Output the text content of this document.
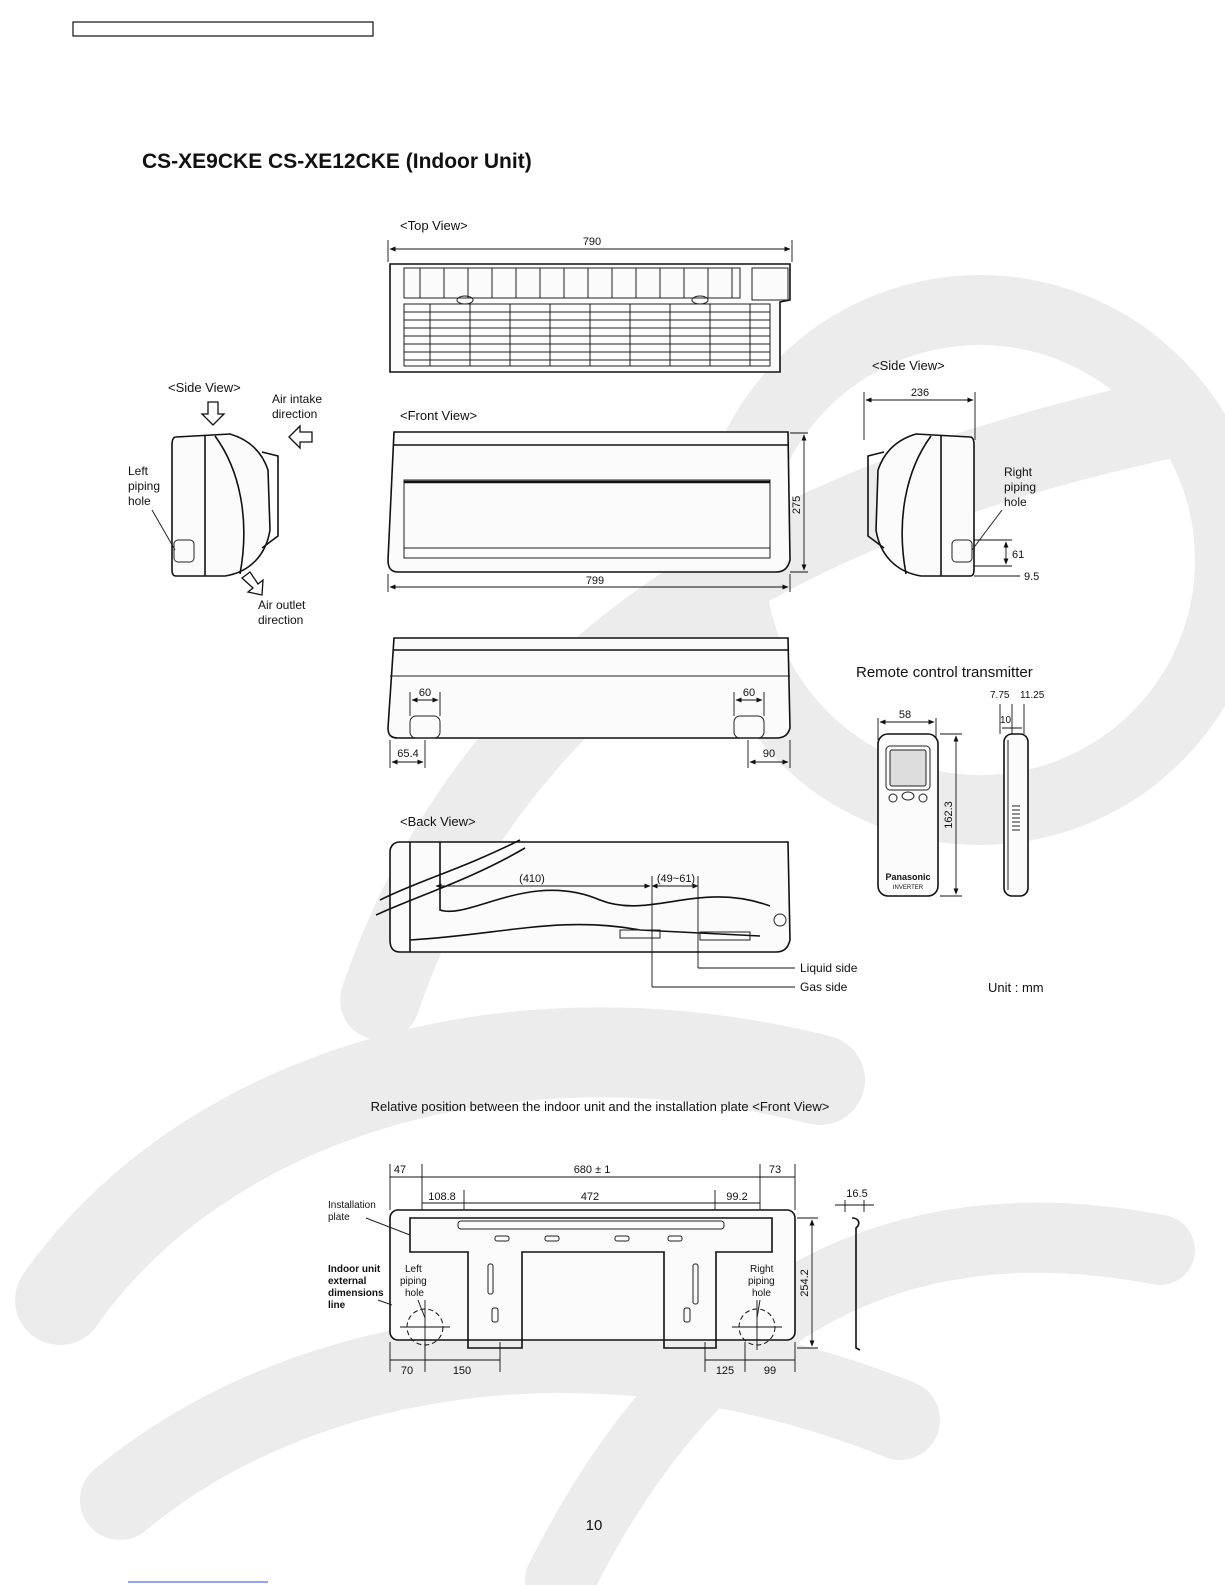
CS-XE9CKE CS-XE12CKE (Indoor Unit)
<Top View>
790
<Side View>
Air intake
direction
Left
piping
hole
Air outlet
direction
<Front View>
275
799
<Side View>
236
Right
piping
hole
61
9.5
60	60
65.4	90
Remote control transmitter
7.75 11.25
10
58
Panasonic
INVERTER
162.3
<Back View>
(410)	(49~61)
Liquid side
Gas side	Unit : mm
Relative position between the indoor unit and the installation plate <Front View>
47	680 ± 1	73
108.8	472	99.2
Installation
plate
Indoor unit
external
dimensions
line
Left
piping
hole
Right
piping
hole	254.2
16.5
70	150	125	99
10
